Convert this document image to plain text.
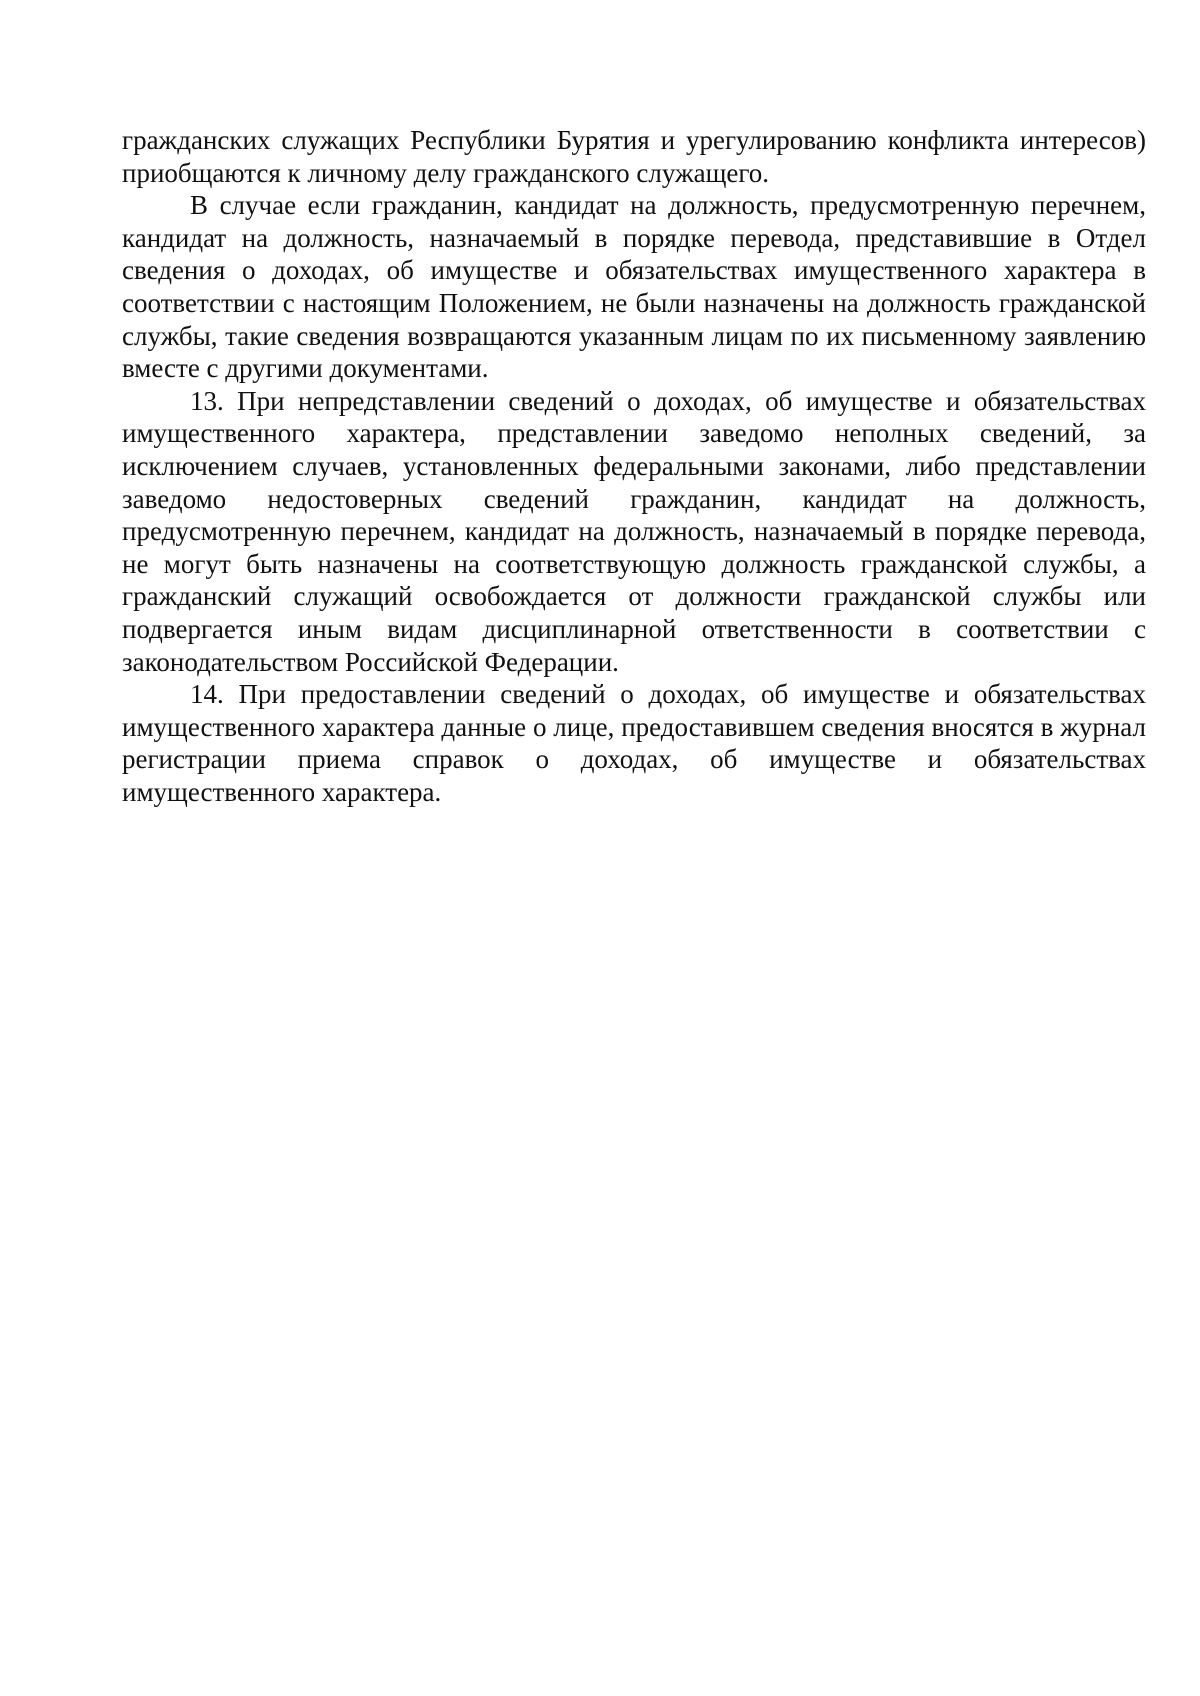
гражданских служащих Республики Бурятия и урегулированию конфликта интересов) приобщаются к личному делу гражданского служащего.

В случае если гражданин, кандидат на должность, предусмотренную перечнем, кандидат на должность, назначаемый в порядке перевода, представившие в Отдел сведения о доходах, об имуществе и обязательствах имущественного характера в соответствии с настоящим Положением, не были назначены на должность гражданской службы, такие сведения возвращаются указанным лицам по их письменному заявлению вместе с другими документами.

13. При непредставлении сведений о доходах, об имуществе и обязательствах имущественного характера, представлении заведомо неполных сведений, за исключением случаев, установленных федеральными законами, либо представлении заведомо недостоверных сведений гражданин, кандидат на должность, предусмотренную перечнем, кандидат на должность, назначаемый в порядке перевода, не могут быть назначены на соответствующую должность гражданской службы, а гражданский служащий освобождается от должности гражданской службы или подвергается иным видам дисциплинарной ответственности в соответствии с законодательством Российской Федерации.

14. При предоставлении сведений о доходах, об имуществе и обязательствах имущественного характера данные о лице, предоставившем сведения вносятся в журнал регистрации приема справок о доходах, об имуществе и обязательствах имущественного характера.
